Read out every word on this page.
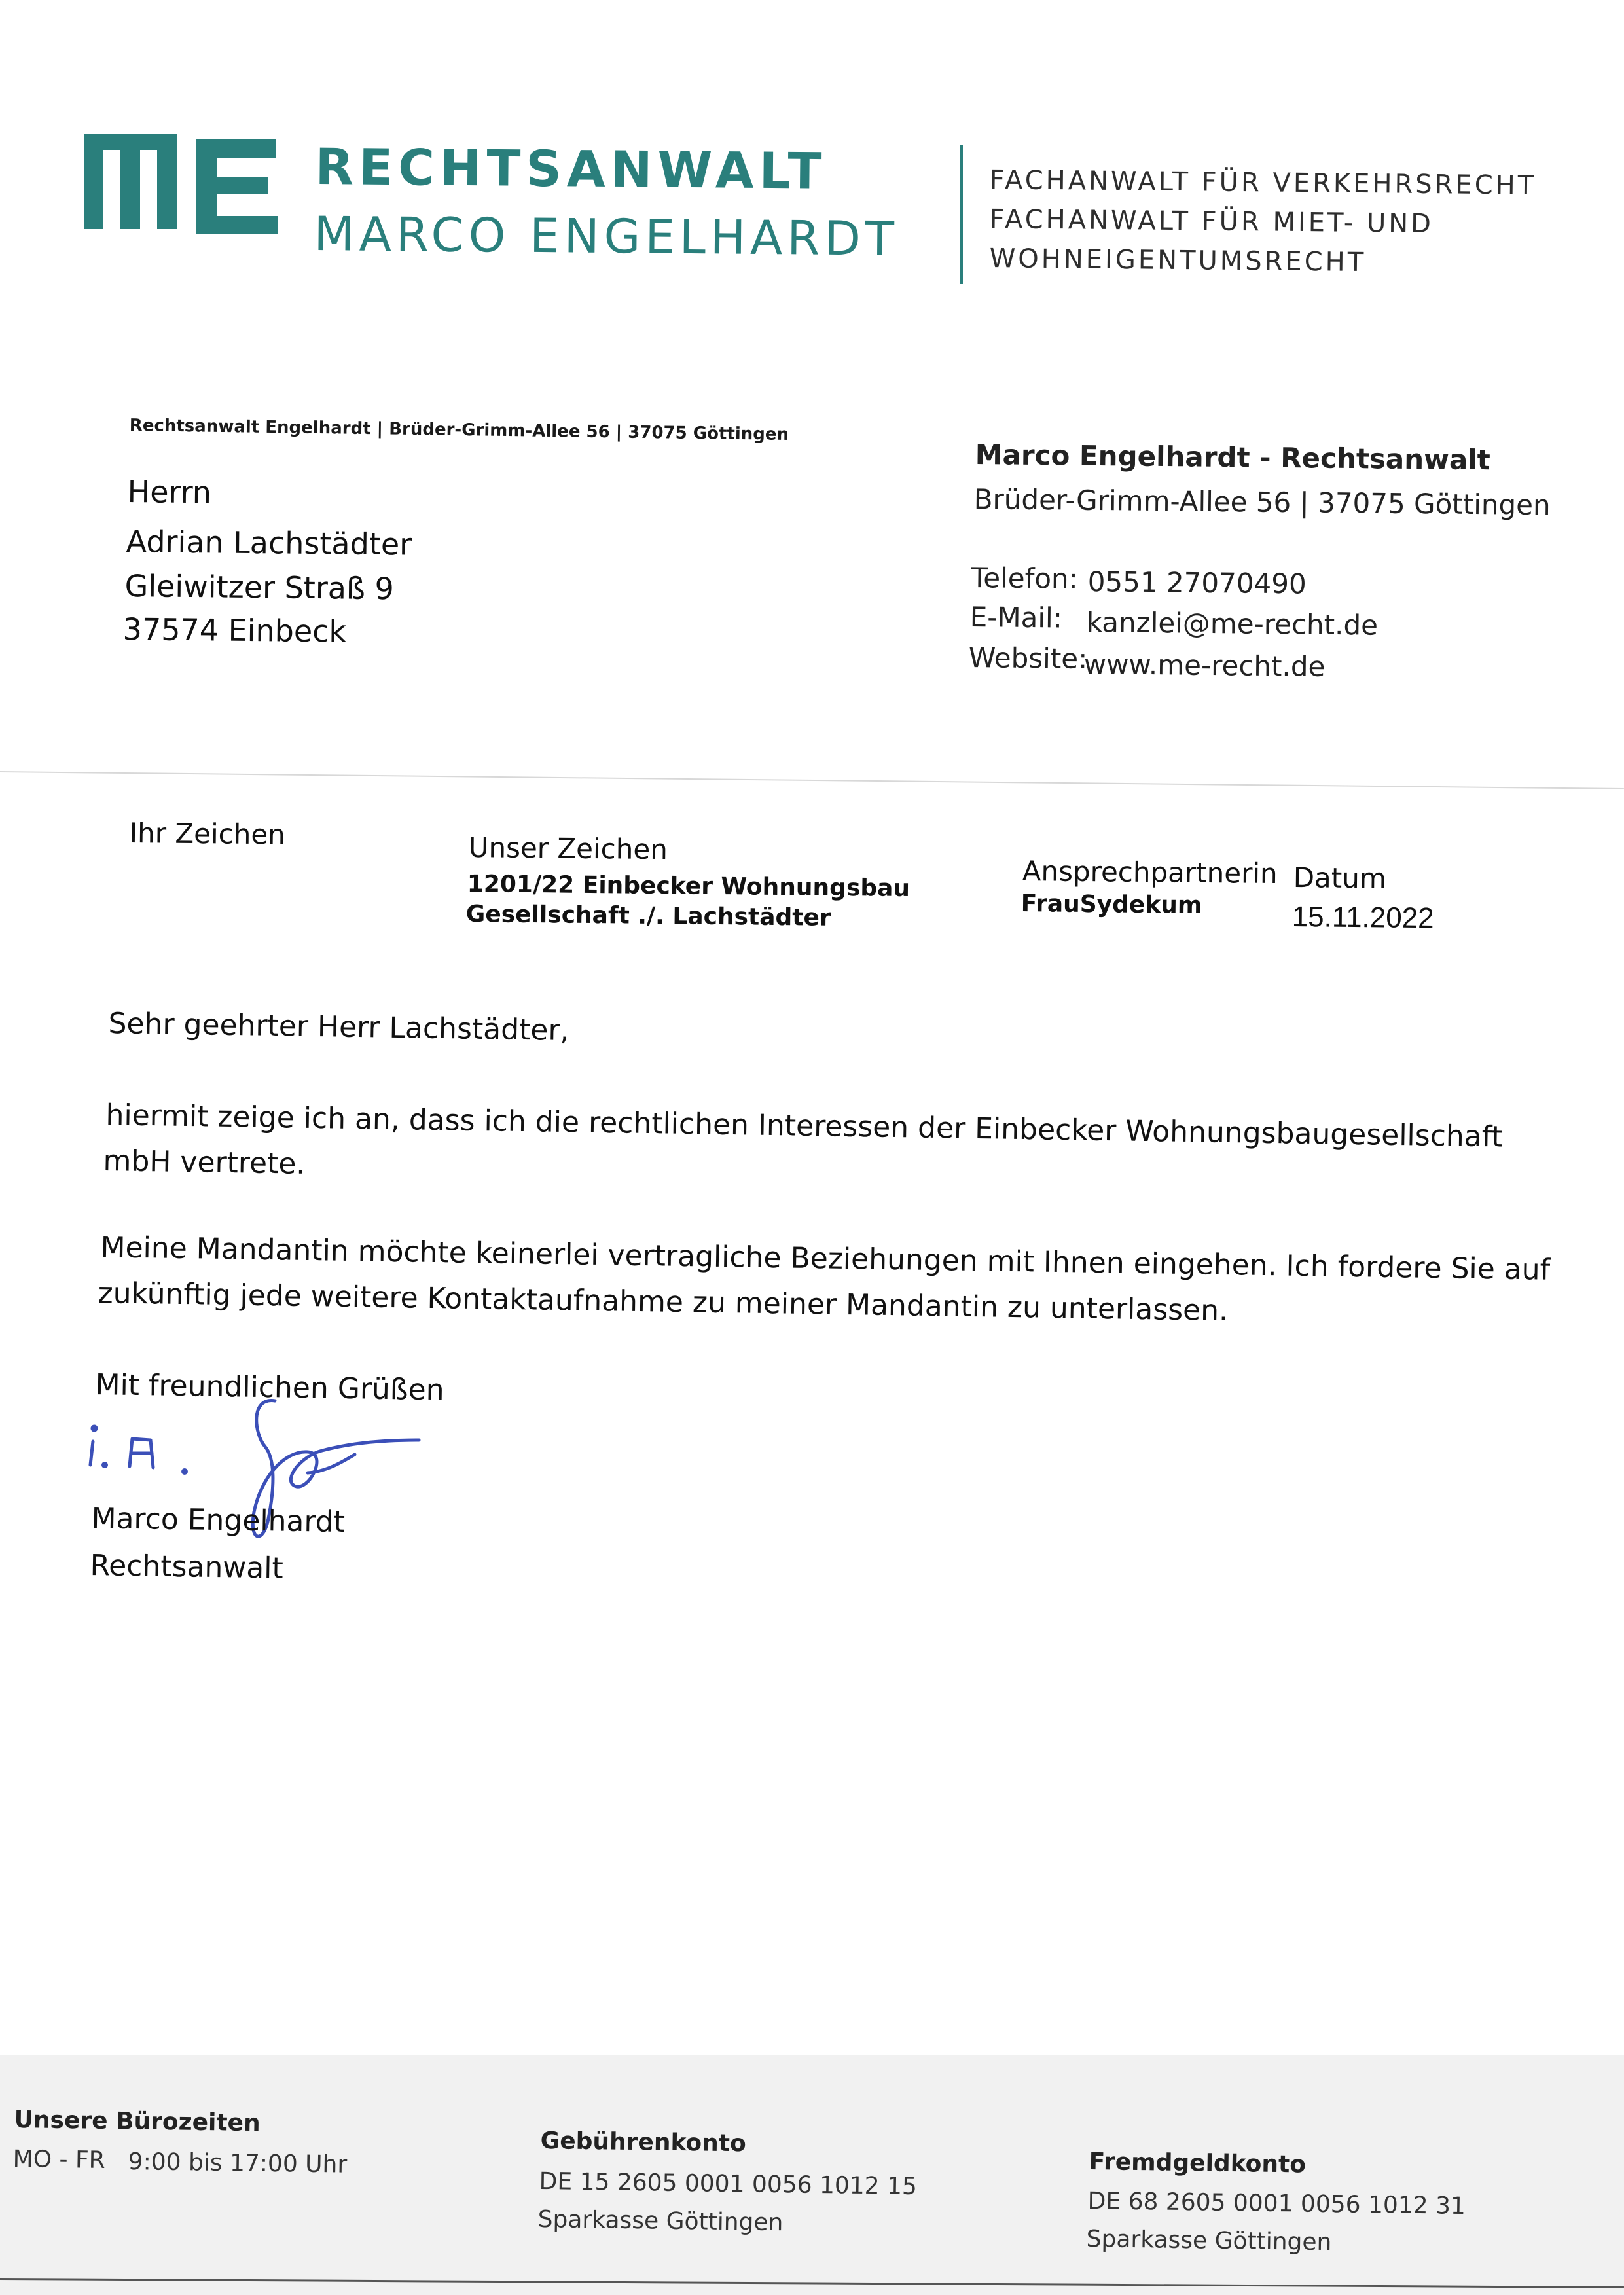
RECHTSANWALT
MARCO ENGELHARDT
FACHANWALT FÜR VERKEHRSRECHT
FACHANWALT FÜR MIET- UND
WOHNEIGENTUMSRECHT
Rechtsanwalt Engelhardt | Brüder-Grimm-Allee 56 | 37075 Göttingen
Herrn
Adrian Lachstädter
Gleiwitzer Straß 9
37574 Einbeck
Marco Engelhardt - Rechtsanwalt
Brüder-Grimm-Allee 56 | 37075 Göttingen
Telefon: 0551 27070490
E-Mail: kanzlei@me-recht.de
Website:
www.me-recht.de
Ihr Zeichen	Unser Zeichen
1201/22 Einbecker Wohnungsbau
Gesellschaft ./. Lachstädter
Ansprechpartnerin
FrauSydekum
Datum
15.11.2022
Sehr geehrter Herr Lachstädter,
hiermit zeige ich an, dass ich die rechtlichen Interessen der Einbecker Wohnungsbaugesellschaft
mbH vertrete.
Meine Mandantin möchte keinerlei vertragliche Beziehungen mit Ihnen eingehen. Ich fordere Sie auf
zukünftig jede weitere Kontaktaufnahme zu meiner Mandantin zu unterlassen.
Mit freundlichen Grüßen
Marco Engelhardt
Rechtsanwalt
Unsere Bürozeiten
MO - FR 9:00 bis 17:00 Uhr
Gebührenkonto
DE 15 2605 0001 0056 1012 15
Sparkasse Göttingen
Fremdgeldkonto
DE 68 2605 0001 0056 1012 31
Sparkasse Göttingen
